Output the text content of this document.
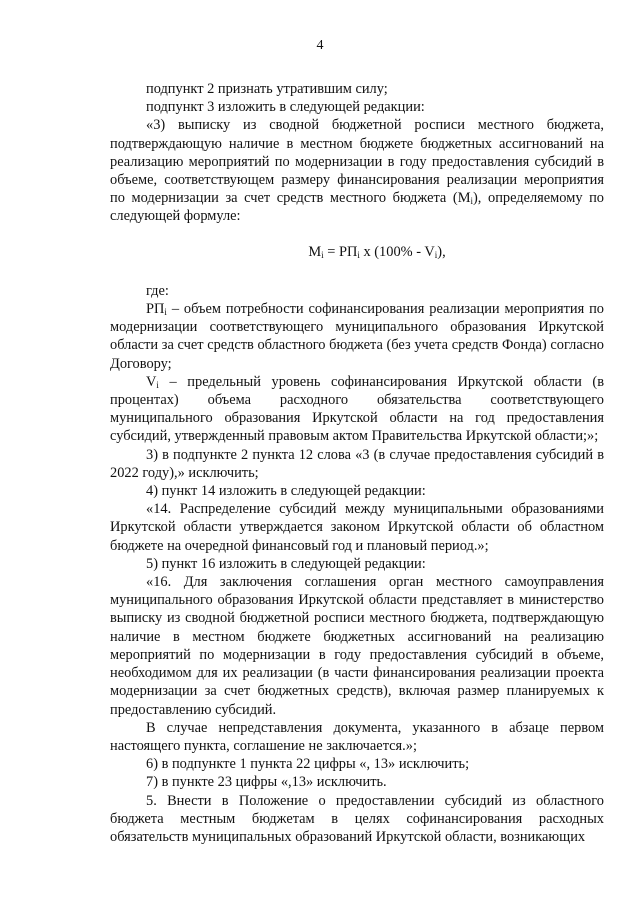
4

подпункт 2 признать утратившим силу;

подпункт 3 изложить в следующей редакции:

«3) выписку из сводной бюджетной росписи местного бюджета, подтверждающую наличие в местном бюджете бюджетных ассигнований на реализацию мероприятий по модернизации в году предоставления субсидий в объеме, соответствующем размеру финансирования реализации мероприятия по модернизации за счет средств местного бюджета $(M_i)$, определяемому по следующей формуле:

$M_i = РП_i$ x $(100\% - V_i)$,

где:

$РП_i$ – объем потребности софинансирования реализации мероприятия по модернизации соответствующего муниципального образования Иркутской области за счет средств областного бюджета (без учета средств Фонда) согласно Договору;

$V_i$ – предельный уровень софинансирования Иркутской области (в процентах) объема расходного обязательства соответствующего муниципального образования Иркутской области на год предоставления субсидий, утвержденный правовым актом Правительства Иркутской области;»;

3) в подпункте 2 пункта 12 слова «3 (в случае предоставления субсидий в 2022 году),» исключить;

4) пункт 14 изложить в следующей редакции:

«14. Распределение субсидий между муниципальными образованиями Иркутской области утверждается законом Иркутской области об областном бюджете на очередной финансовый год и плановый период.»;

5) пункт 16 изложить в следующей редакции:

«16. Для заключения соглашения орган местного самоуправления муниципального образования Иркутской области представляет в министерство выписку из сводной бюджетной росписи местного бюджета, подтверждающую наличие в местном бюджете бюджетных ассигнований на реализацию мероприятий по модернизации в году предоставления субсидий в объеме, необходимом для их реализации (в части финансирования реализации проекта модернизации за счет бюджетных средств), включая размер планируемых к предоставлению субсидий.

В случае непредставления документа, указанного в абзаце первом настоящего пункта, соглашение не заключается.»;

6) в подпункте 1 пункта 22 цифры «, 13» исключить;

7) в пункте 23 цифры «,13» исключить.

5. Внести в Положение о предоставлении субсидий из областного бюджета местным бюджетам в целях софинансирования расходных обязательств муниципальных образований Иркутской области, возникающих
